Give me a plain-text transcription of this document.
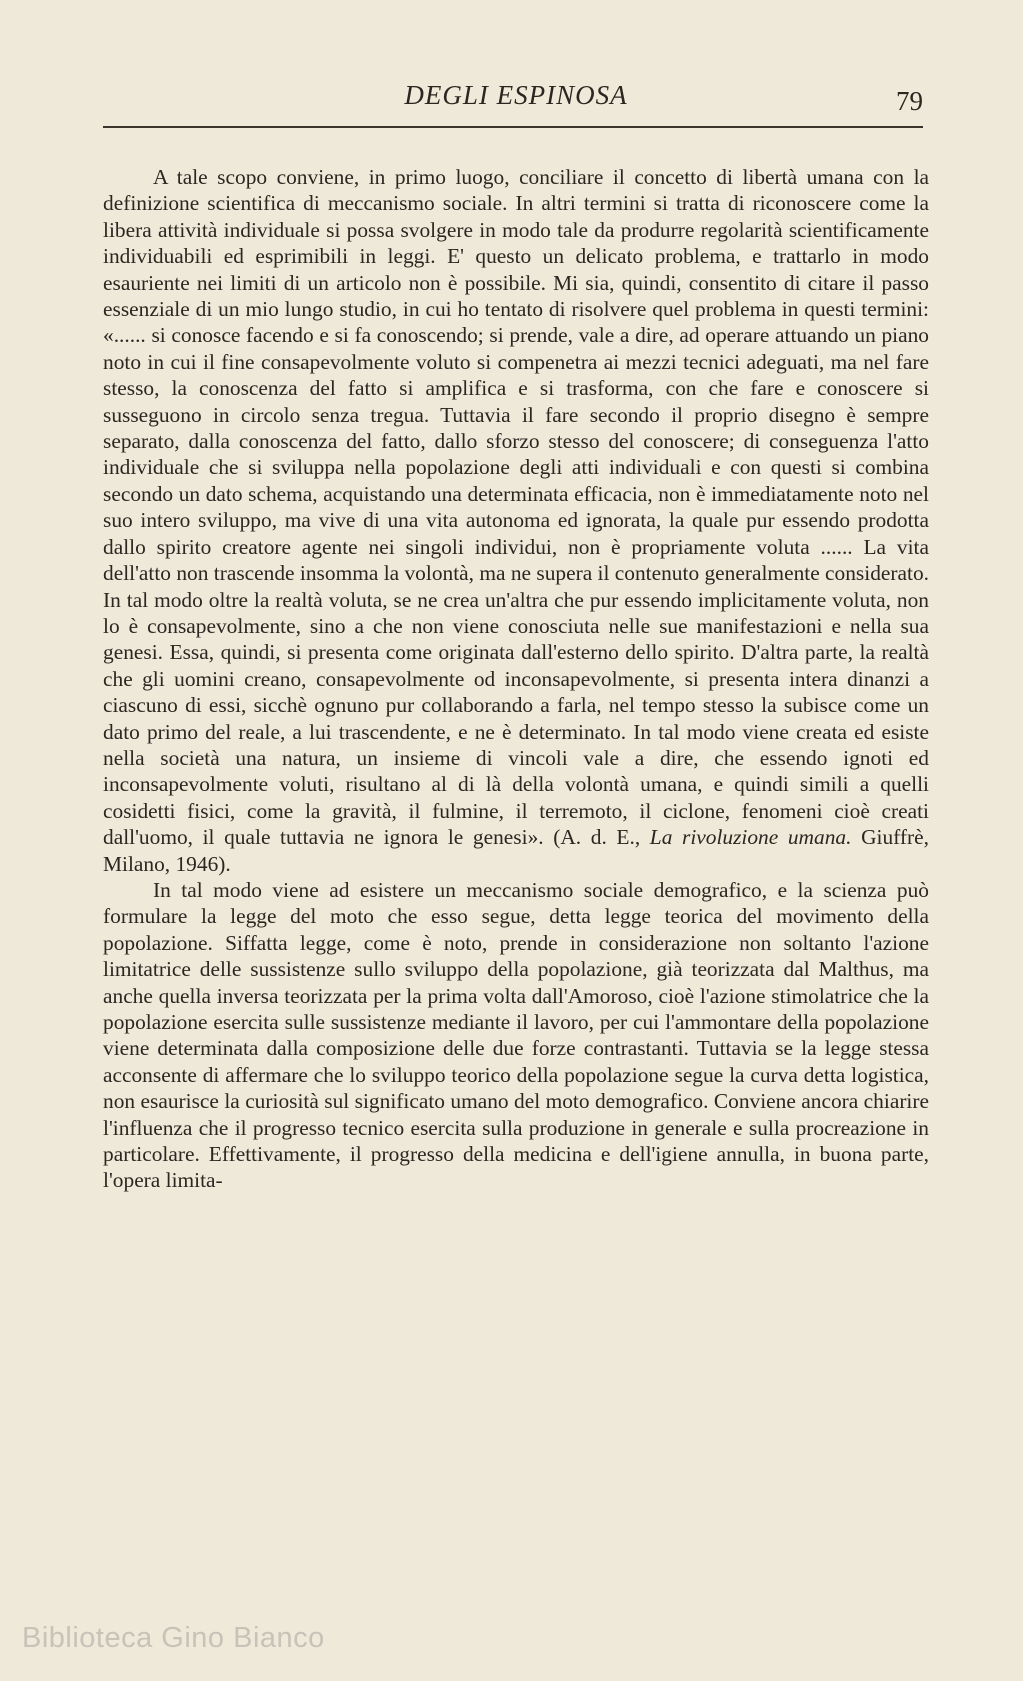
DEGLI ESPINOSA	79

A tale scopo conviene, in primo luogo, conciliare il concetto di libertà umana con la definizione scientifica di meccanismo sociale. In altri termini si tratta di riconoscere come la libera attività individuale si possa svolgere in modo tale da produrre regolarità scientificamente individuabili ed esprimibili in leggi. E' questo un delicato problema, e trattarlo in modo esauriente nei limiti di un articolo non è possibile. Mi sia, quindi, consentito di citare il passo essenziale di un mio lungo studio, in cui ho tentato di risolvere quel problema in questi termini: «...... si conosce facendo e si fa conoscendo; si prende, vale a dire, ad operare attuando un piano noto in cui il fine consapevolmente voluto si compenetra ai mezzi tecnici adeguati, ma nel fare stesso, la conoscenza del fatto si amplifica e si trasforma, con che fare e conoscere si susseguono in circolo senza tregua. Tuttavia il fare secondo il proprio disegno è sempre separato, dalla conoscenza del fatto, dallo sforzo stesso del conoscere; di conseguenza l'atto individuale che si sviluppa nella popolazione degli atti individuali e con questi si combina secondo un dato schema, acquistando una determinata efficacia, non è immediatamente noto nel suo intero sviluppo, ma vive di una vita autonoma ed ignorata, la quale pur essendo prodotta dallo spirito creatore agente nei singoli individui, non è propriamente voluta ...... La vita dell'atto non trascende insomma la volontà, ma ne supera il contenuto generalmente considerato. In tal modo oltre la realtà voluta, se ne crea un'altra che pur essendo implicitamente voluta, non lo è consapevolmente, sino a che non viene conosciuta nelle sue manifestazioni e nella sua genesi. Essa, quindi, si presenta come originata dall'esterno dello spirito. D'altra parte, la realtà che gli uomini creano, consapevolmente od inconsapevolmente, si presenta intera dinanzi a ciascuno di essi, sicchè ognuno pur collaborando a farla, nel tempo stesso la subisce come un dato primo del reale, a lui trascendente, e ne è determinato. In tal modo viene creata ed esiste nella società una natura, un insieme di vincoli vale a dire, che essendo ignoti ed inconsapevolmente voluti, risultano al di là della volontà umana, e quindi simili a quelli cosidetti fisici, come la gravità, il fulmine, il terremoto, il ciclone, fenomeni cioè creati dall'uomo, il quale tuttavia ne ignora le genesi». (A. d. E., La rivoluzione umana. Giuffrè, Milano, 1946).

In tal modo viene ad esistere un meccanismo sociale demografico, e la scienza può formulare la legge del moto che esso segue, detta legge teorica del movimento della popolazione. Siffatta legge, come è noto, prende in considerazione non soltanto l'azione limitatrice delle sussistenze sullo sviluppo della popolazione, già teorizzata dal Malthus, ma anche quella inversa teorizzata per la prima volta dall'Amoroso, cioè l'azione stimolatrice che la popolazione esercita sulle sussistenze mediante il lavoro, per cui l'ammontare della popolazione viene determinata dalla composizione delle due forze contrastanti. Tuttavia se la legge stessa acconsente di affermare che lo sviluppo teorico della popolazione segue la curva detta logistica, non esaurisce la curiosità sul significato umano del moto demografico. Conviene ancora chiarire l'influenza che il progresso tecnico esercita sulla produzione in generale e sulla procreazione in particolare. Effettivamente, il progresso della medicina e dell'igiene annulla, in buona parte, l'opera limita-

Biblioteca Gino Bianco
